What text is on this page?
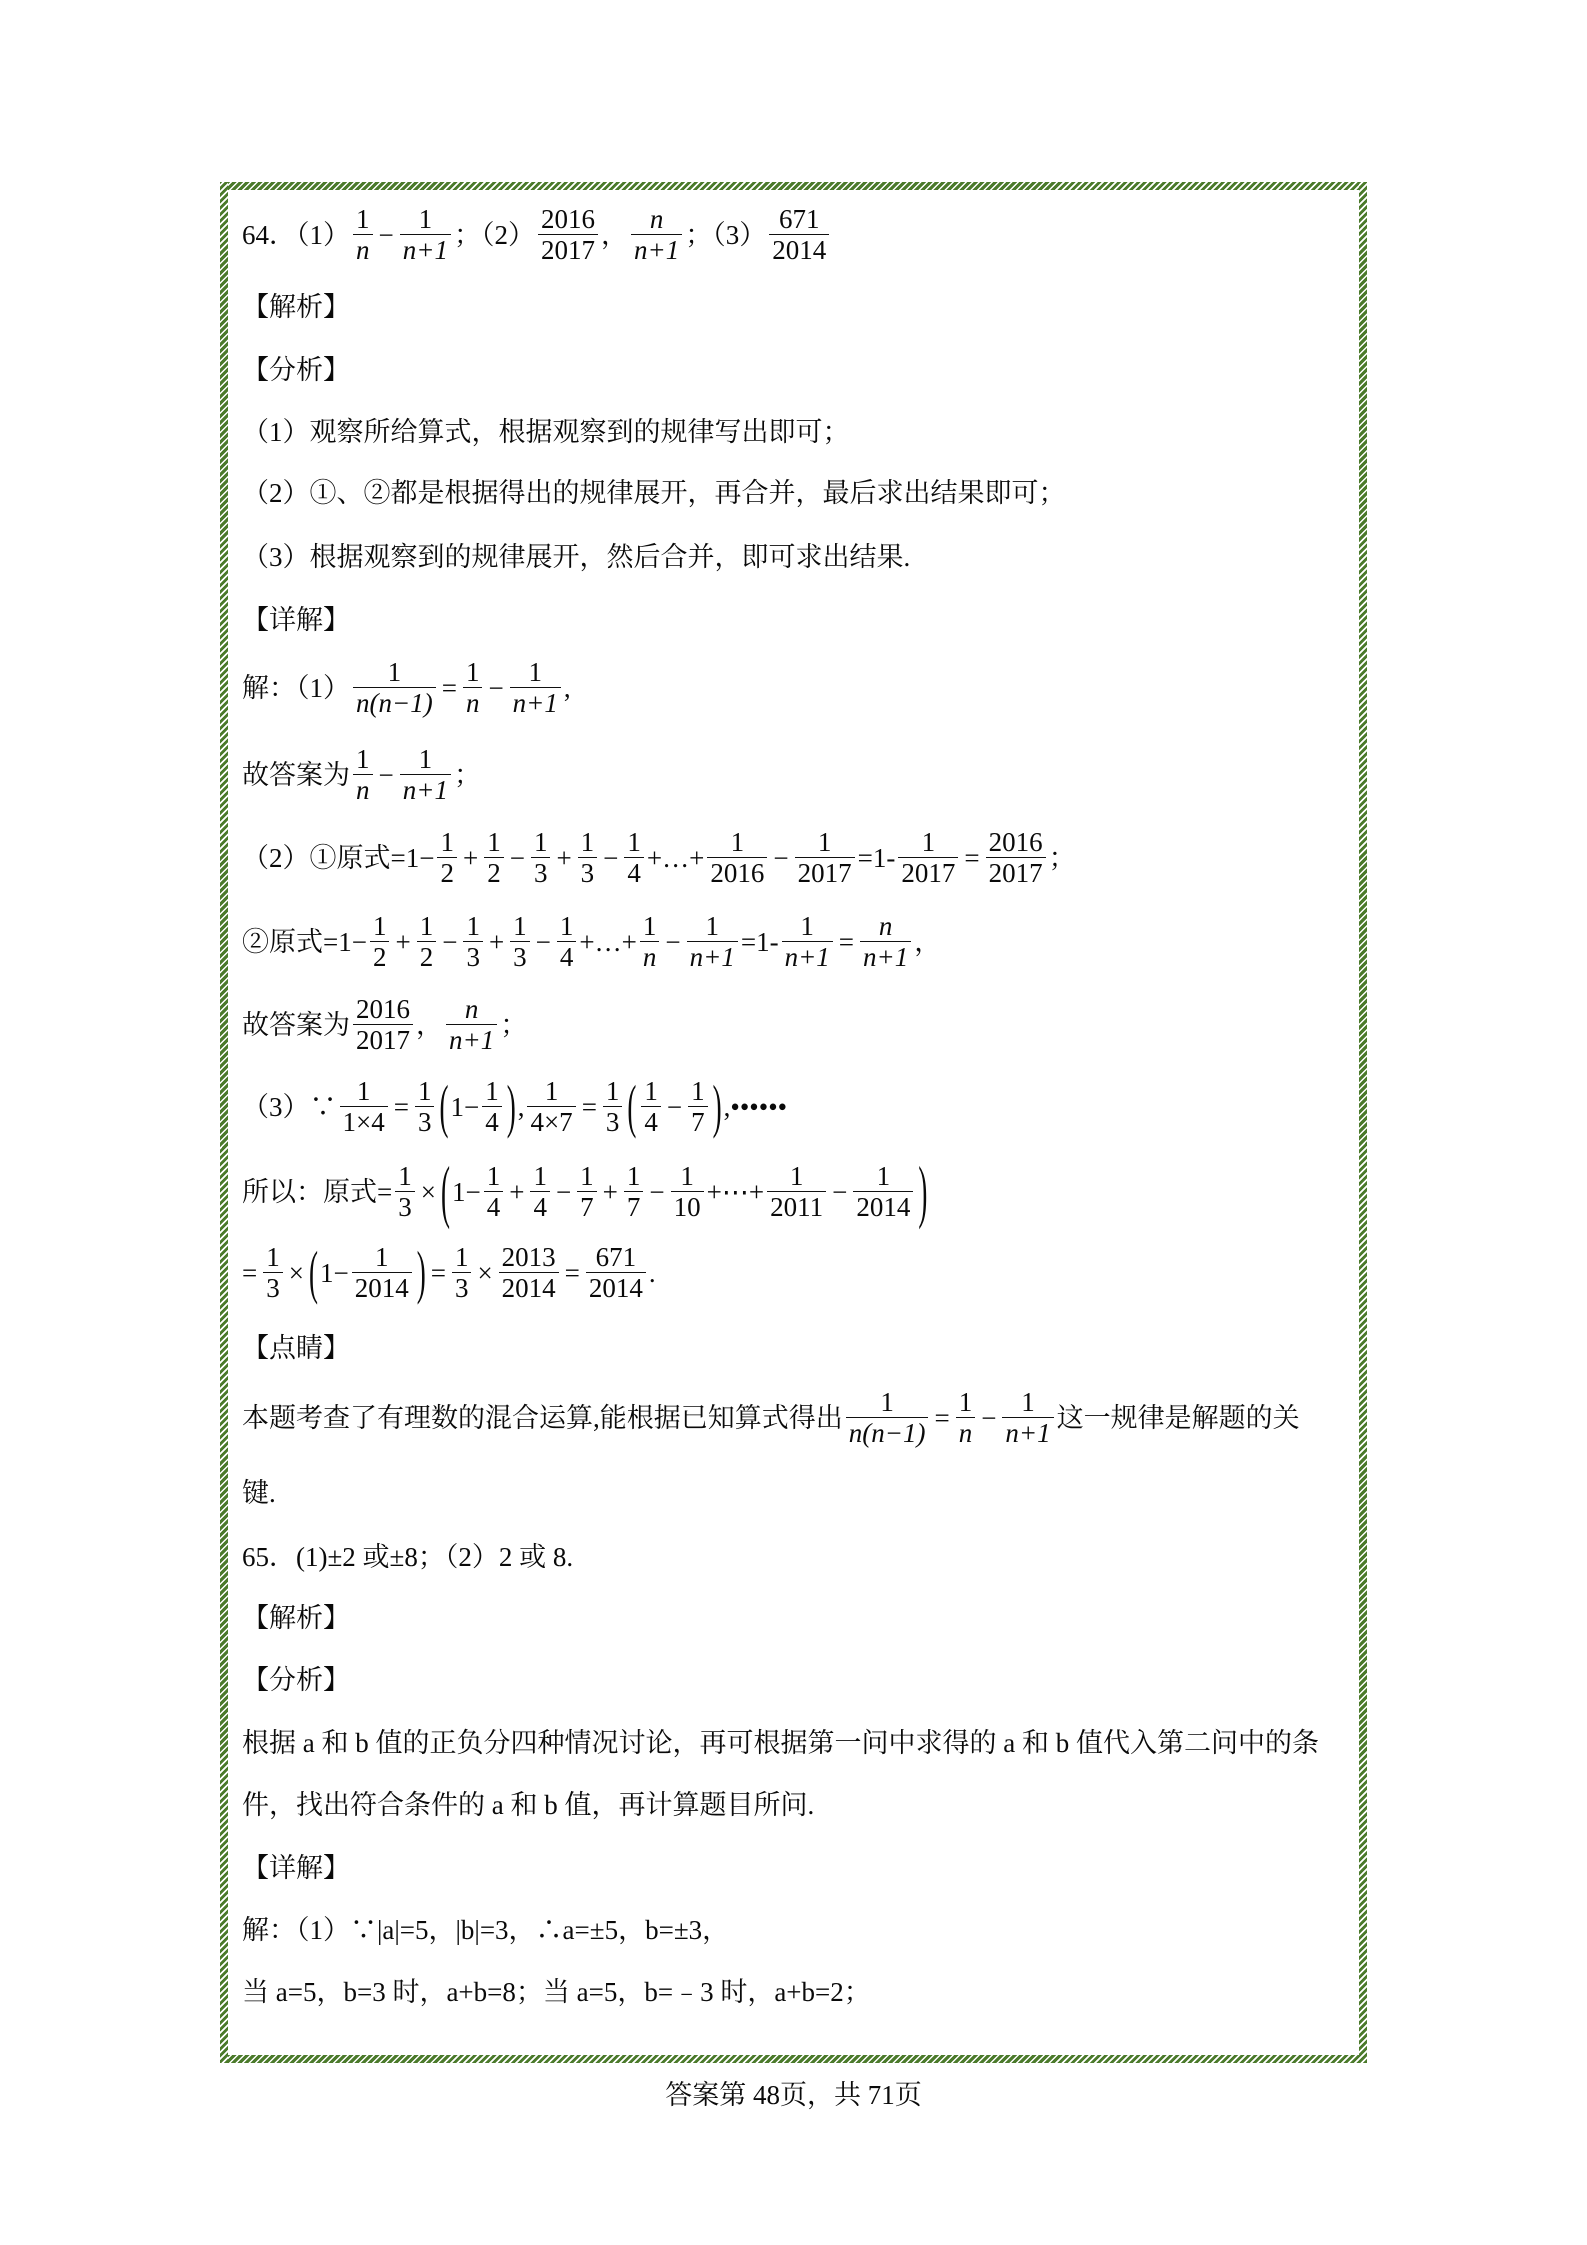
64．$(1) \frac{1}{n} - \frac{1}{n+1}$ ；$(2) \frac{2016}{2017}$ ， $\frac{n}{n+1}$ ；$(3) \frac{671}{2014}$
【解析】
【分析】
（1）观察所给算式，根据观察到的规律写出即可；
（2）①、②都是根据得出的规律展开，再合并，最后求出结果即可；
（3）根据观察到的规律展开，然后合并，即可求出结果.
【详解】
解：$(1) \frac{1}{n(n-1)} = \frac{1}{n} - \frac{1}{n+1}$ ,
故答案为 $\frac{1}{n} - \frac{1}{n+1}$ ；
（2）①原式$=1- \frac{1}{2} + \frac{1}{2} - \frac{1}{3} + \frac{1}{3} - \frac{1}{4}$ +…+ $\frac{1}{2016} - \frac{1}{2017} =1- \frac{1}{2017} = \frac{2016}{2017}$ ；
②原式$=1- \frac{1}{2} + \frac{1}{2} - \frac{1}{3} + \frac{1}{3} - \frac{1}{4}$ +…+ $\frac{1}{n} - \frac{1}{n+1} =1- \frac{1}{n+1} = \frac{n}{n+1}$ ，
故答案为 $\frac{2016}{2017}$ ， $\frac{n}{n+1}$ ；
（3）∵ $\frac{1}{1\times 4} = \frac{1}{3}$ ( $1- \frac{1}{4}$ ) , $\frac{1}{4\times 7} = \frac{1}{3}$ ( $\frac{1}{4} - \frac{1}{7}$ ) ,••••••
所以：原式= $\frac{1}{3}$ × ( $1- \frac{1}{4} + \frac{1}{4} - \frac{1}{7} + \frac{1}{7} - \frac{1}{10}$ +⋯+ $\frac{1}{2011} - \frac{1}{2014}$ )
= $\frac{1}{3}$ × ( $1- \frac{1}{2014}$ ) = $\frac{1}{3} \times \frac{2013}{2014} = \frac{671}{2014}$ .
【点睛】
本题考查了有理数的混合运算,能根据已知算式得出 $\frac{1}{n(n-1)} = \frac{1}{n} - \frac{1}{n+1}$ 这一规律是解题的关
键.
65．(1)±2 或±8；（2）2 或 8.
【解析】
【分析】
根据 a 和 b 值的正负分四种情况讨论，再可根据第一问中求得的 a 和 b 值代入第二问中的条
件，找出符合条件的 a 和 b 值，再计算题目所问.
【详解】
解：（1）∵|a|=5，|b|=3，∴a=±5，b=±3，
当 a=5，b=3 时，a+b=8；当 a=5，b=﹣3 时，a+b=2；
答案第 48页，共 71页
